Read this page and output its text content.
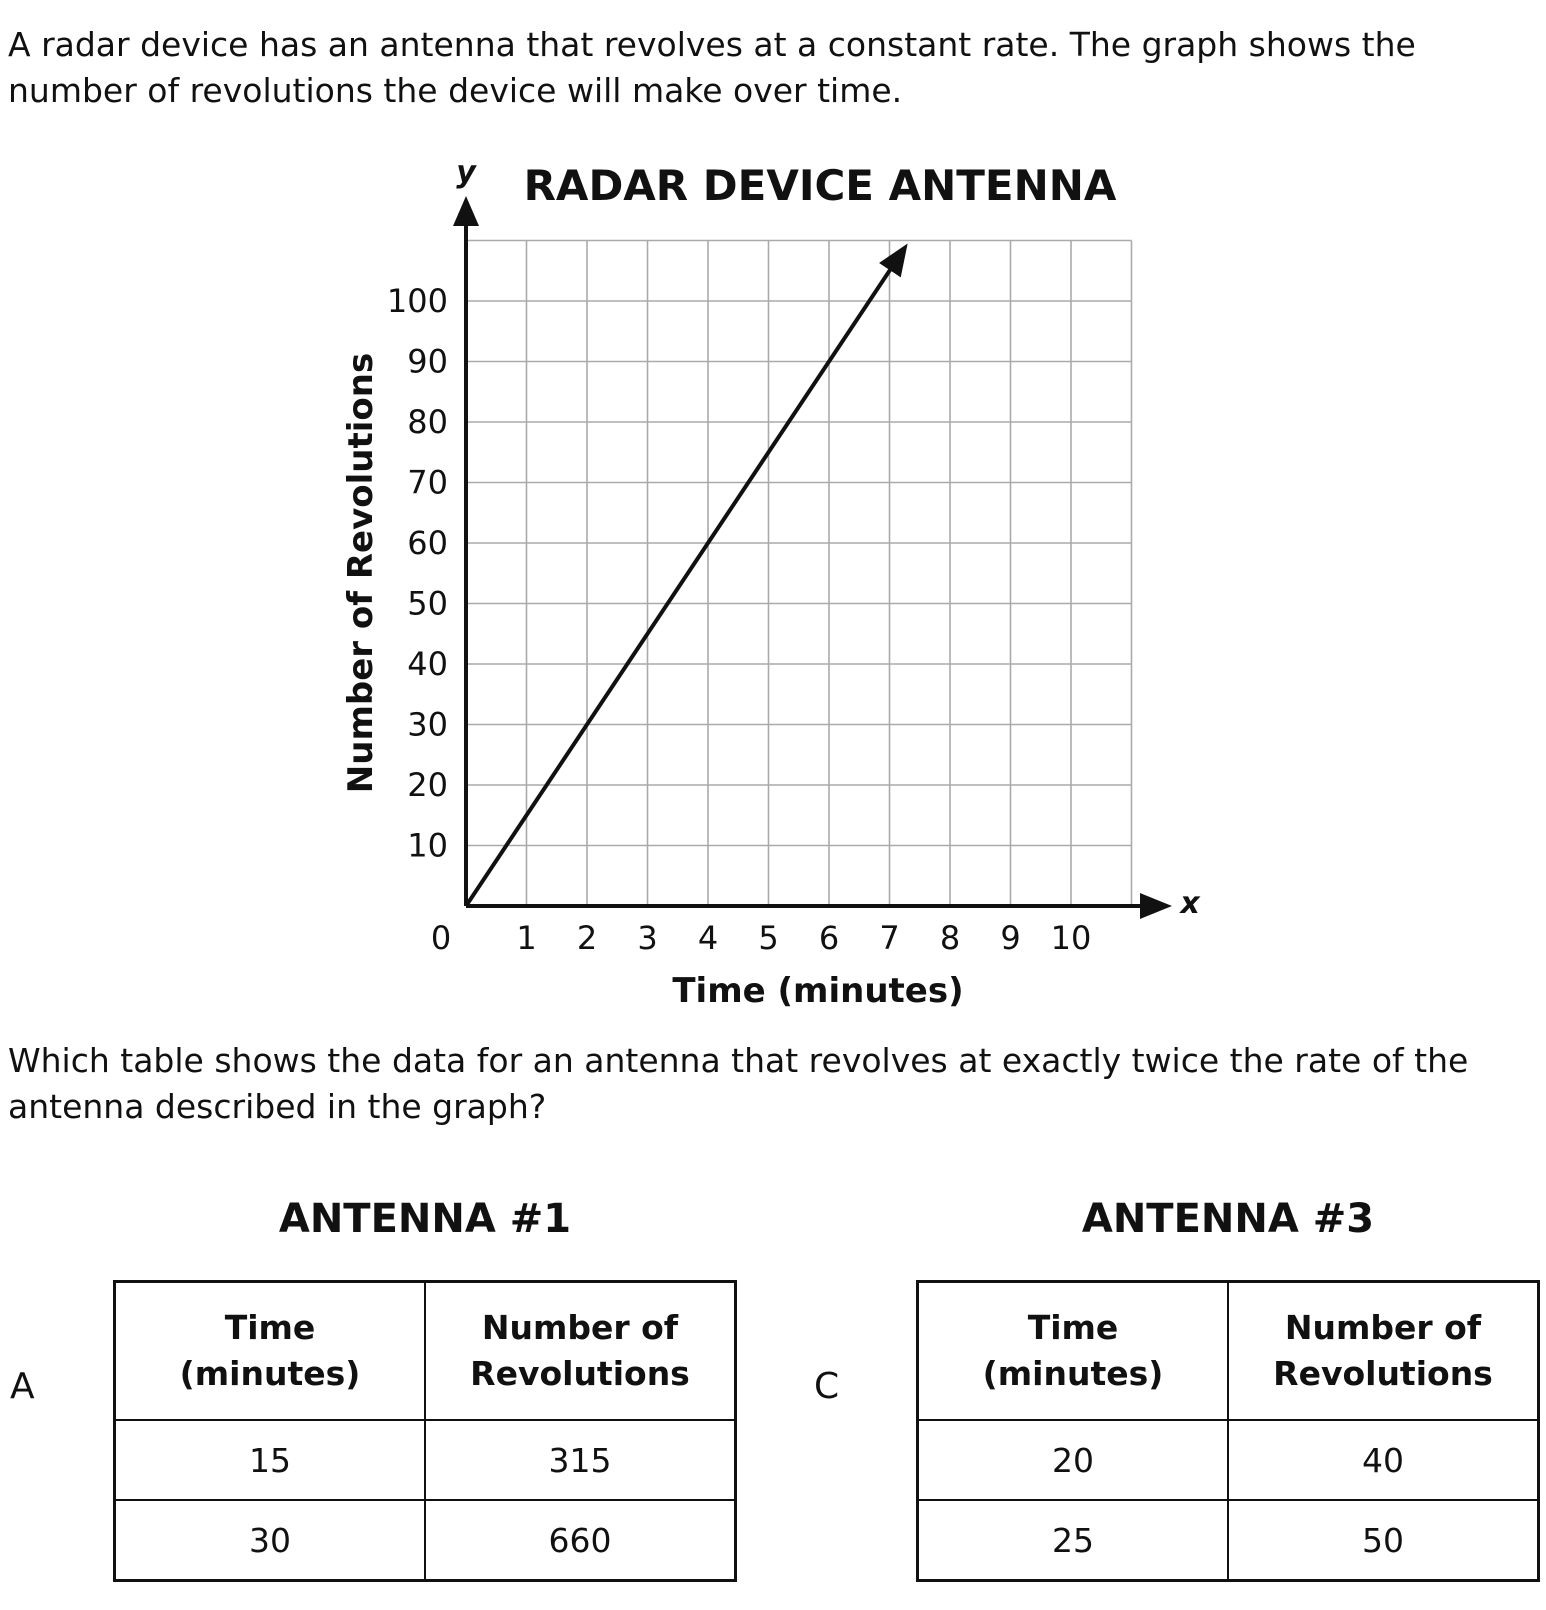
A radar device has an antenna that revolves at a constant rate. The graph shows the number of revolutions the device will make over time.

0 1 2 3 4 5 6 7 8 9 10
10
20
30
40
50
60
70
80
90
100
RADAR DEVICE ANTENNA
y
x
Time (minutes)
Number of Revolutions

Which table shows the data for an antenna that revolves at exactly twice the rate of the antenna described in the graph?

ANTENNA #1
A
Time
(minutes)	Number of
Revolutions

15	315
30	660
ANTENNA #3
C
Time
(minutes)	Number of
Revolutions

20	40
25	50
